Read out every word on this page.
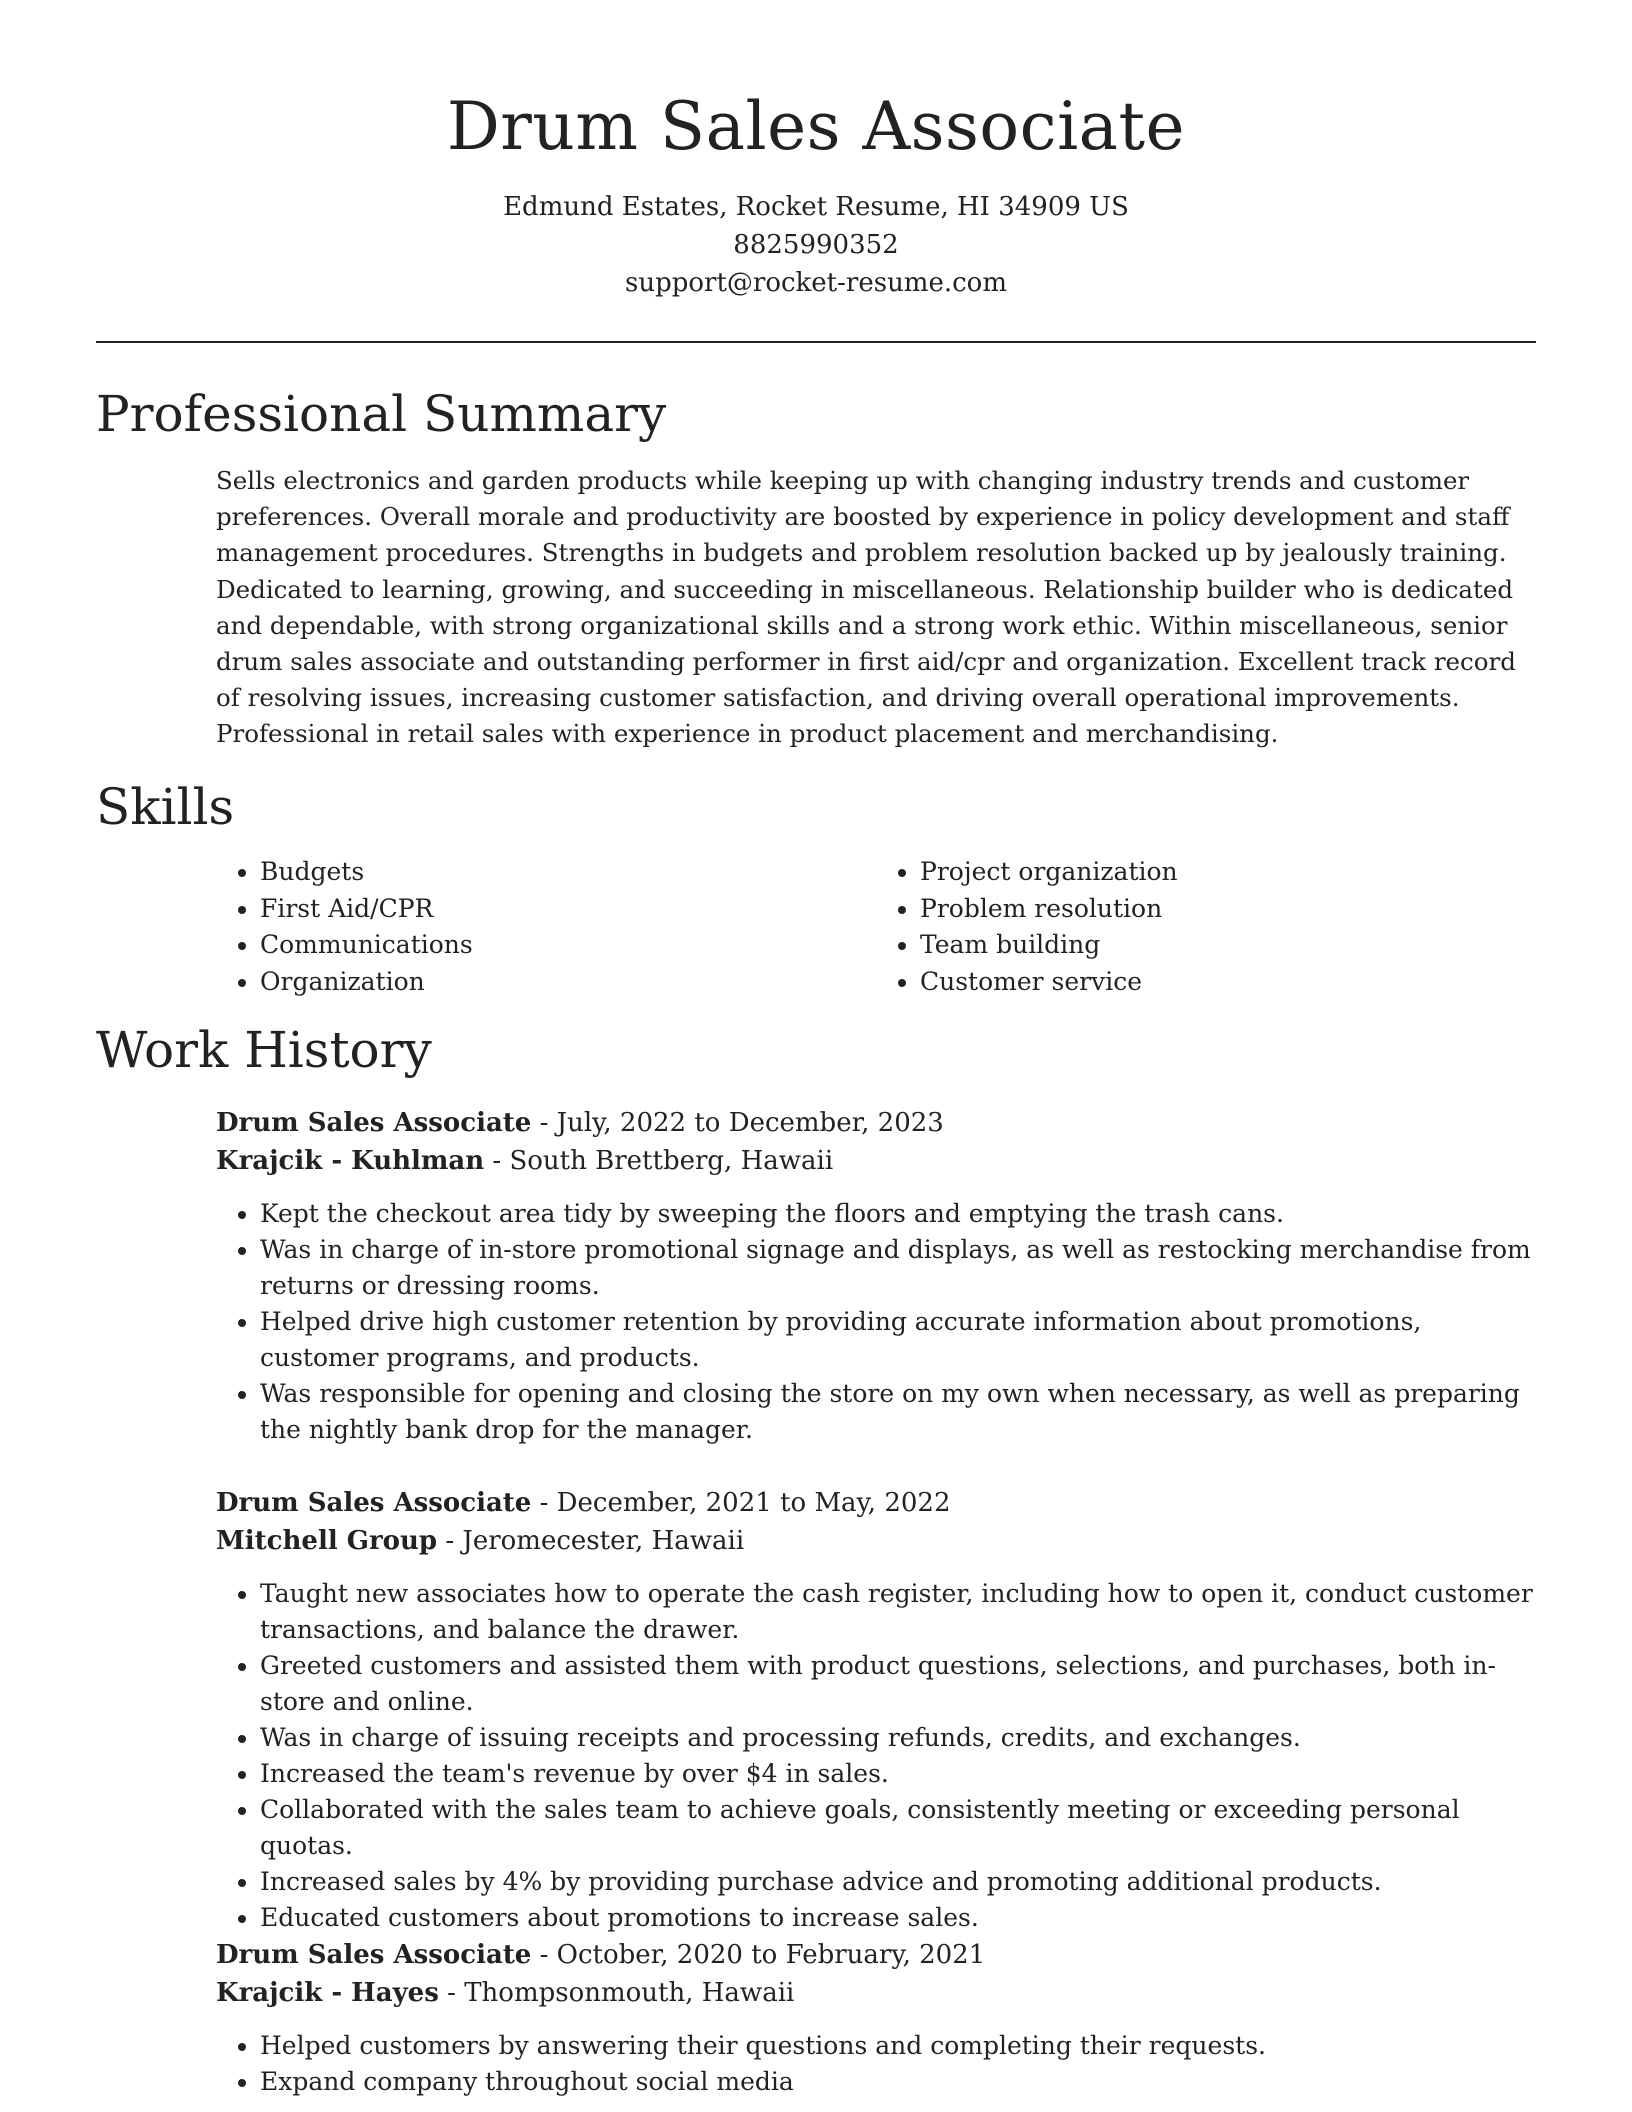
Drum Sales Associate
Edmund Estates, Rocket Resume, HI 34909 US
8825990352
support@rocket-resume.com
Professional Summary
Sells electronics and garden products while keeping up with changing industry trends and customer preferences. Overall morale and productivity are boosted by experience in policy development and staff management procedures. Strengths in budgets and problem resolution backed up by jealously training. Dedicated to learning, growing, and succeeding in miscellaneous. Relationship builder who is dedicated and dependable, with strong organizational skills and a strong work ethic. Within miscellaneous, senior drum sales associate and outstanding performer in first aid/cpr and organization. Excellent track record of resolving issues, increasing customer satisfaction, and driving overall operational improvements. Professional in retail sales with experience in product placement and merchandising.
Skills
• Budgets
• First Aid/CPR
• Communications
• Organization
• Project organization
• Problem resolution
• Team building
• Customer service
Work History
Drum Sales Associate - July, 2022 to December, 2023
Krajcik - Kuhlman - South Brettberg, Hawaii
• Kept the checkout area tidy by sweeping the floors and emptying the trash cans.
• Was in charge of in-store promotional signage and displays, as well as restocking merchandise from returns or dressing rooms.
• Helped drive high customer retention by providing accurate information about promotions, customer programs, and products.
• Was responsible for opening and closing the store on my own when necessary, as well as preparing the nightly bank drop for the manager.
Drum Sales Associate - December, 2021 to May, 2022
Mitchell Group - Jeromecester, Hawaii
• Taught new associates how to operate the cash register, including how to open it, conduct customer transactions, and balance the drawer.
• Greeted customers and assisted them with product questions, selections, and purchases, both in-store and online.
• Was in charge of issuing receipts and processing refunds, credits, and exchanges.
• Increased the team's revenue by over $4 in sales.
• Collaborated with the sales team to achieve goals, consistently meeting or exceeding personal quotas.
• Increased sales by 4% by providing purchase advice and promoting additional products.
• Educated customers about promotions to increase sales.
Drum Sales Associate - October, 2020 to February, 2021
Krajcik - Hayes - Thompsonmouth, Hawaii
• Helped customers by answering their questions and completing their requests.
• Expand company throughout social media
